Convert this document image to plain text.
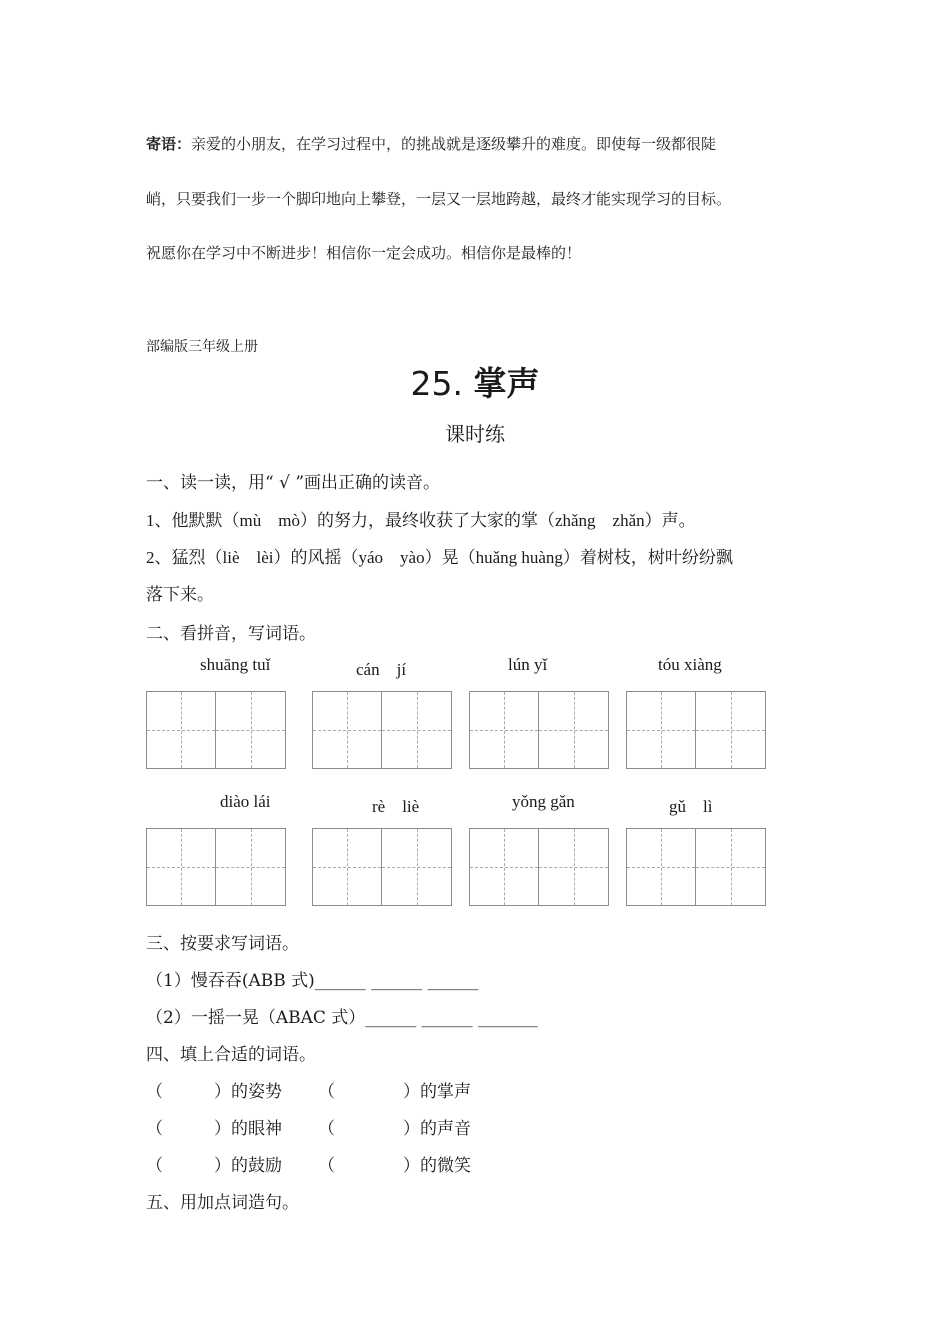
寄语：亲爱的小朋友，在学习过程中，的挑战就是逐级攀升的难度。即使每一级都很陡
峭，只要我们一步一个脚印地向上攀登，一层又一层地跨越，最终才能实现学习的目标。
祝愿你在学习中不断进步！相信你一定会成功。相信你是最棒的！
部编版三年级上册
25. 掌声
课时练
一、读一读，用“ √ ”画出正确的读音。
1、他默默（mù　mò）的努力，最终收获了大家的掌（zhǎng　zhǎn）声。
2、猛烈（liè　lèi）的风摇（yáo　yào）晃（huǎng huàng）着树枝，树叶纷纷飘
落下来。
二、看拼音，写词语。
shuāng tuǐ	cán　jí	lún yǐ	tóu xiàng
diào lái	rè　liè	yǒng gǎn	gǔ　lì
三、按要求写词语。
（1）慢吞吞(ABB 式)______ ______ ______
（2）一摇一晃（ABAC 式）______ ______ _______
四、填上合适的词语。
（　　　）的姿势 （　　　　）的掌声
（　　　）的眼神 （　　　　）的声音
（　　　）的鼓励 （　　　　）的微笑
五、用加点词造句。
